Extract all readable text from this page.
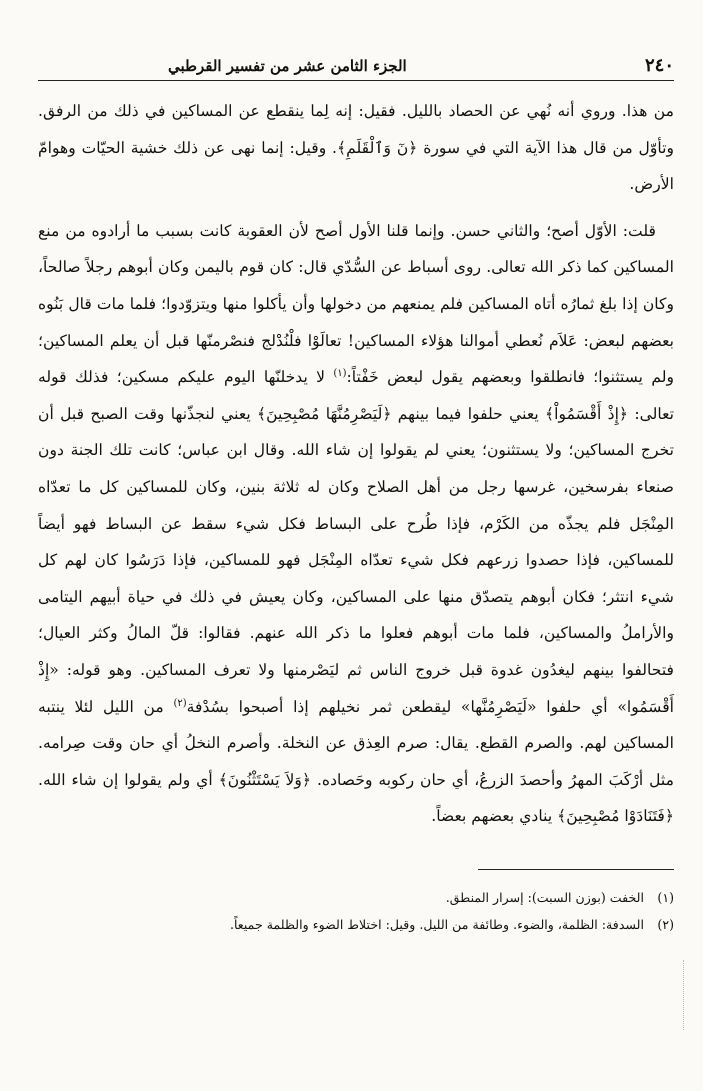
٢٤٠
الجزء الثامن عشر من تفسير القرطبي

من هذا. وروي أنه نُهي عن الحصاد بالليل. فقيل: إنه لِما ينقطع عن المساكين في ذلك من الرفق. وتأوّل من قال هذا الآية التي في سورة ﴿نٓ وَٱلْقَلَمِ﴾. وقيل: إنما نهى عن ذلك خشية الحيّات وهوامّ الأرض.

قلت: الأوّل أصح؛ والثاني حسن. وإنما قلنا الأول أصح لأن العقوبة كانت بسبب ما أرادوه من منع المساكين كما ذكر الله تعالى. روى أسباط عن السُّدّي قال: كان قوم باليمن وكان أبوهم رجلاً صالحاً، وكان إذا بلغ ثمارُه أتاه المساكين فلم يمنعهم من دخولها وأن يأكلوا منها ويتزوّدوا؛ فلما مات قال بَنُوه بعضهم لبعض: عَلاَم نُعطي أموالنا هؤلاء المساكين! تعالَوْا فلْنُدْلج فنصْرمنّها قبل أن يعلم المساكين؛ ولم يستثنوا؛ فانطلقوا وبعضهم يقول لبعض خَفْتاً:$^{(١)}$ لا يدخلنّها اليوم عليكم مسكين؛ فذلك قوله تعالى: ﴿إِذْ أَقْسَمُواْ﴾ يعني حلفوا فيما بينهم ﴿لَيَصْرِمُنَّهَا مُصْبِحِينَ﴾ يعني لنجذّنها وقت الصبح قبل أن تخرج المساكين؛ ولا يستثنون؛ يعني لم يقولوا إن شاء الله. وقال ابن عباس؛ كانت تلك الجنة دون صنعاء بفرسخين، غرسها رجل من أهل الصلاح وكان له ثلاثة بنين، وكان للمساكين كل ما تعدّاه المِنْجَل فلم يجذّه من الكَرْم، فإذا طُرح على البساط فكل شيء سقط عن البساط فهو أيضاً للمساكين، فإذا حصدوا زرعهم فكل شيء تعدّاه المِنْجَل فهو للمساكين، فإذا دَرَسُوا كان لهم كل شيء انتثر؛ فكان أبوهم يتصدّق منها على المساكين، وكان يعيش في ذلك في حياة أبيهم اليتامى والأراملُ والمساكين، فلما مات أبوهم فعلوا ما ذكر الله عنهم. فقالوا: قلّ المالُ وكثر العيال؛ فتحالفوا بينهم ليغدُون غدوة قبل خروج الناس ثم ليَصْرمنها ولا تعرف المساكين. وهو قوله: «إِذْ أَقْسَمُوا» أي حلفوا «لَيَصْرِمُنَّها» ليقطعن ثمر نخيلهم إذا أصبحوا بسُدْفة$^{(٢)}$ من الليل لئلا ينتبه المساكين لهم. والصرم القطع. يقال: صرم العِذق عن النخلة. وأصرم النخلُ أي حان وقت صِرامه. مثل أرْكَبَ المهرُ وأحصدَ الزرعُ، أي حان ركوبه وحَصاده. ﴿وَلاَ يَسْتَثْنُونَ﴾ أي ولم يقولوا إن شاء الله. ﴿فَتَنَادَوْا مُصْبِحِينَ﴾ ينادي بعضهم بعضاً.

(١)الخفت (بوزن السبت): إسرار المنطق.
(٢)السدفة: الظلمة، والضوء. وطائفة من الليل. وقيل: اختلاط الضوء والظلمة جميعاً.
